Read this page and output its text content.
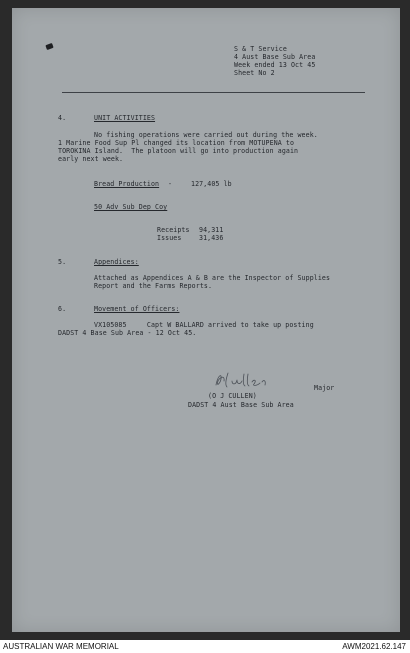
S & T Service
4 Aust Base Sub Area
Week ended 13 Oct 45
Sheet No 2
4.	UNIT ACTIVITIES
No fishing operations were carried out during the week.
1 Marine Food Sup Pl changed its location from MOTUPENA to
TOROKINA Island.  The platoon will go into production again
early next week.
Bread Production -	127,405 lb
50 Adv Sub Dep Coy
Receipts 94,311
Issues	31,436
5.	Appendices:
Attached as Appendices A & B are the Inspector of Supplies
Report and the Farms Reports.
6.	Movement of Officers:
VX105085     Capt W BALLARD arrived to take up posting
DADST 4 Base Sub Area - 12 Oct 45.
Major
(O J CULLEN)
DADST 4 Aust Base Sub Area
AUSTRALIAN WAR MEMORIAL	AWM2021.62.147
